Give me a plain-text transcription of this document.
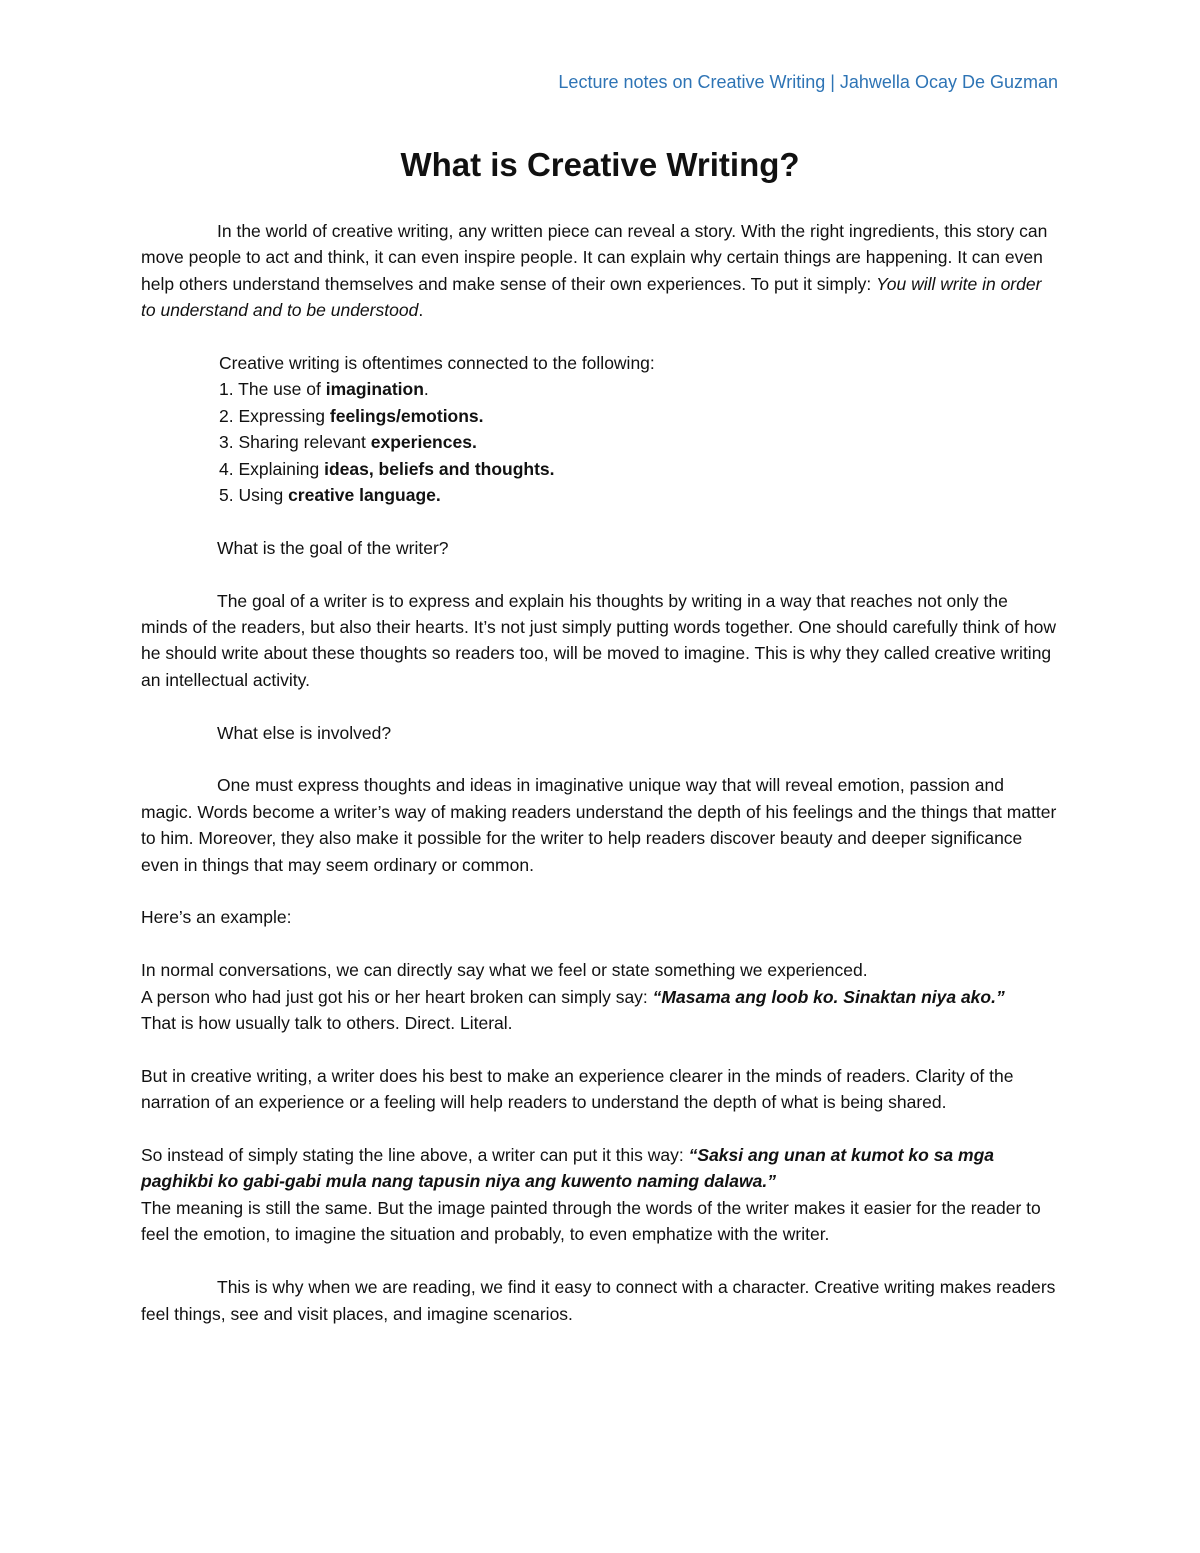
Lecture notes on Creative Writing | Jahwella Ocay De Guzman
What is Creative Writing?

In the world of creative writing, any written piece can reveal a story. With the right ingredients, this story can move people to act and think, it can even inspire people. It can explain why certain things are happening. It can even help others understand themselves and make sense of their own experiences. To put it simply: You will write in order to understand and to be understood.

Creative writing is oftentimes connected to the following:

1. The use of imagination.

2. Expressing feelings/emotions.

3. Sharing relevant experiences.

4. Explaining ideas, beliefs and thoughts.

5. Using creative language.

What is the goal of the writer?

The goal of a writer is to express and explain his thoughts by writing in a way that reaches not only the minds of the readers, but also their hearts. It’s not just simply putting words together. One should carefully think of how he should write about these thoughts so readers too, will be moved to imagine. This is why they called creative writing an intellectual activity.

What else is involved?

One must express thoughts and ideas in imaginative unique way that will reveal emotion, passion and magic. Words become a writer’s way of making readers understand the depth of his feelings and the things that matter to him. Moreover, they also make it possible for the writer to help readers discover beauty and deeper significance even in things that may seem ordinary or common.

Here’s an example:

In normal conversations, we can directly say what we feel or state something we experienced.

A person who had just got his or her heart broken can simply say: “Masama ang loob ko. Sinaktan niya ako.”

That is how usually talk to others. Direct. Literal.

But in creative writing, a writer does his best to make an experience clearer in the minds of readers. Clarity of the narration of an experience or a feeling will help readers to understand the depth of what is being shared.

So instead of simply stating the line above, a writer can put it this way: “Saksi ang unan at kumot ko sa mga paghikbi ko gabi-gabi mula nang tapusin niya ang kuwento naming dalawa.”

The meaning is still the same. But the image painted through the words of the writer makes it easier for the reader to feel the emotion, to imagine the situation and probably, to even emphatize with the writer.

This is why when we are reading, we find it easy to connect with a character. Creative writing makes readers feel things, see and visit places, and imagine scenarios.
